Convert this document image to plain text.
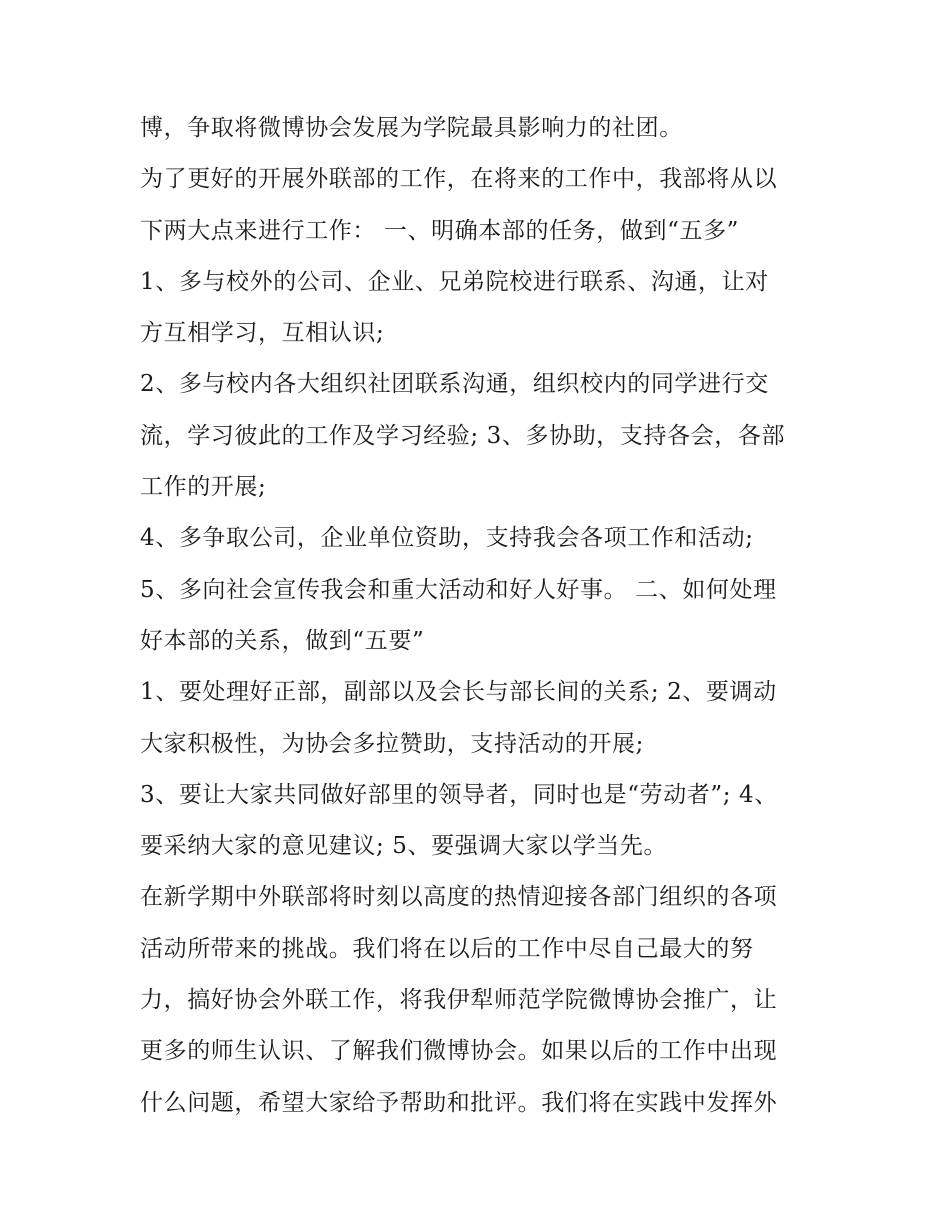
博，争取将微博协会发展为学院最具影响力的社团。
为了更好的开展外联部的工作，在将来的工作中，我部将从以
下两大点来进行工作： 一、明确本部的任务，做到“五多”
1、多与校外的公司、企业、兄弟院校进行联系、沟通，让对
方互相学习，互相认识;
2、多与校内各大组织社团联系沟通，组织校内的同学进行交
流，学习彼此的工作及学习经验; 3、多协助，支持各会，各部
工作的开展;
4、多争取公司，企业单位资助，支持我会各项工作和活动;
5、多向社会宣传我会和重大活动和好人好事。 二、如何处理
好本部的关系，做到“五要”
1、要处理好正部，副部以及会长与部长间的关系; 2、要调动
大家积极性，为协会多拉赞助，支持活动的开展;
3、要让大家共同做好部里的领导者，同时也是“劳动者”; 4、
要采纳大家的意见建议; 5、要强调大家以学当先。
在新学期中外联部将时刻以高度的热情迎接各部门组织的各项
活动所带来的挑战。我们将在以后的工作中尽自己最大的努
力，搞好协会外联工作，将我伊犁师范学院微博协会推广，让
更多的师生认识、了解我们微博协会。如果以后的工作中出现
什么问题，希望大家给予帮助和批评。我们将在实践中发挥外
